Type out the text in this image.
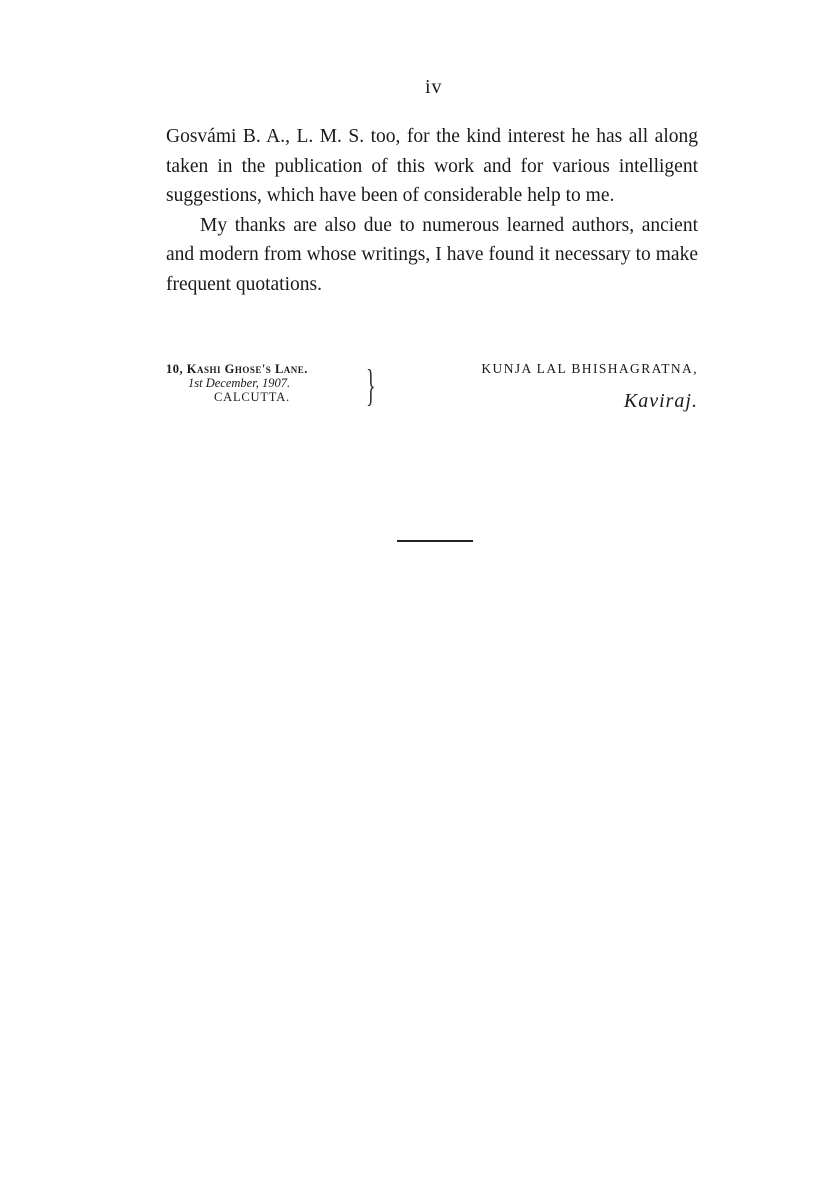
iv

Gosvámi B. A., L. M. S. too, for the kind interest he has all along taken in the publication of this work and for various intelligent suggestions, which have been of considerable help to me.

My thanks are also due to numerous learned authors, ancient and modern from whose writings, I have found it necessary to make frequent quotations.

10, Kashi Ghose's Lane.
1st December, 1907.
CALCUTTA.	}	KUNJA LAL BHISHAGRATNA,
Kaviraj.
